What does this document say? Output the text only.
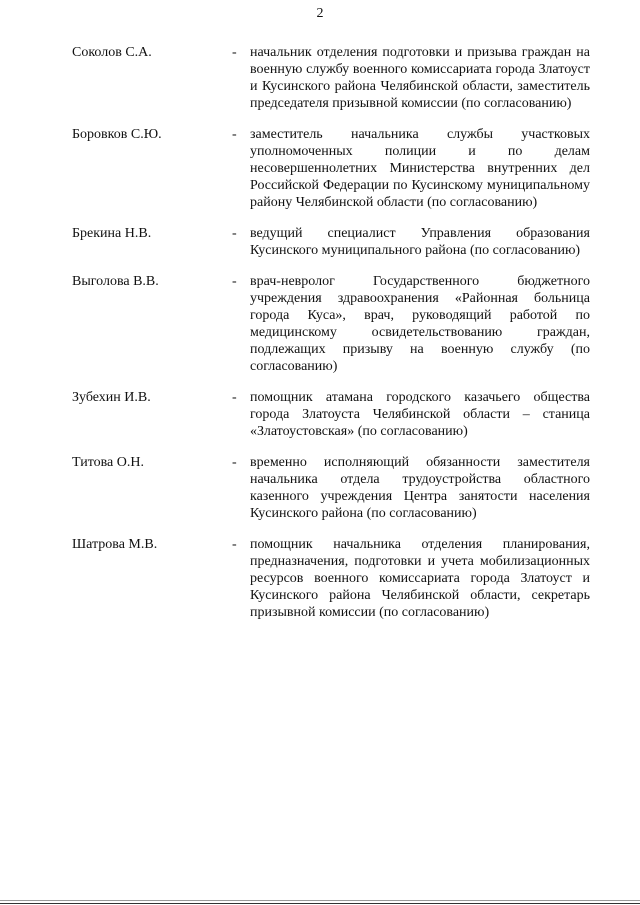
2
Соколов С.А.	- начальник отделения подготовки и призыва граждан на военную службу военного комиссариата города Златоуст и Кусинского района Челябинской области, заместитель председателя призывной комиссии (по согласованию)
Боровков С.Ю.	- заместитель начальника службы участковых уполномоченных полиции и по делам несовершеннолетних Министерства внутренних дел Российской Федерации по Кусинскому муниципальному району Челябинской области (по согласованию)
Брекина Н.В.	- ведущий специалист Управления образования Кусинского муниципального района (по согласованию)
Выголова В.В.	- врач-невролог Государственного бюджетного учреждения здравоохранения «Районная больница города Куса», врач, руководящий работой по медицинскому освидетельствованию граждан, подлежащих призыву на военную службу (по согласованию)
Зубехин И.В.	- помощник атамана городского казачьего общества города Златоуста Челябинской области – станица «Златоустовская» (по согласованию)
Титова О.Н.	- временно исполняющий обязанности заместителя начальника отдела трудоустройства областного казенного учреждения Центра занятости населения Кусинского района (по согласованию)
Шатрова М.В.	- помощник начальника отделения планирования, предназначения, подготовки и учета мобилизационных ресурсов военного комиссариата города Златоуст и Кусинского района Челябинской области, секретарь призывной комиссии (по согласованию)
